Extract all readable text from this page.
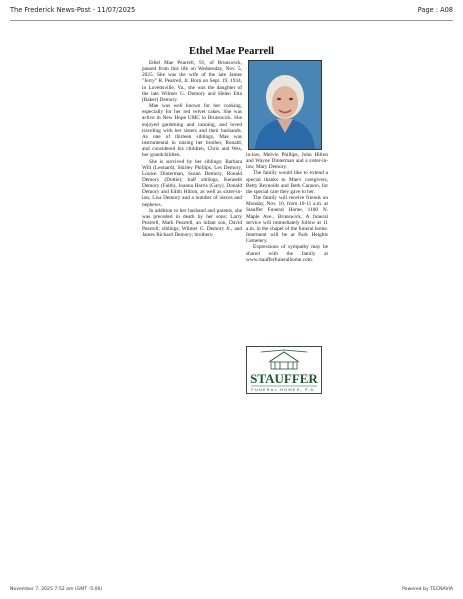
The Frederick News-Post - 11/07/2025	Page : A08
Ethel Mae Pearrell

Ethel Mae Pearrell, 91, of Brunswick, passed from this life on Wednesday, Nov. 5, 2025. She was the wife of the late James "Jerry" R. Pearrell, Jr. Born on Sept. 19, 1934, in Lovettsville, Va., she was the daughter of the late Wilmer G. Demory and Helen Etta (Baker) Demory.

Mae was well known for her cooking, especially for her red velvet cakes. She was active in New Hope UMC in Brunswick. She enjoyed gardening and canning, and loved traveling with her sisters and their husbands. As one of thirteen siblings, Mae was instrumental in raising her brother, Ronald, and considered his children, Chris and Wes, her grandchildren.

She is survived by her siblings: Barbara Wilt (Leonard), Shirley Phillips, Les Demory, Louise Dinterman, Susan Demory, Ronald Demory (Dottie); half siblings, Kenneth Demory (Faith), Joanna Harris (Gary), Donald Demory and Edith Hilton, as well as sister-in-law, Lisa Demory and a number of nieces and nephews.

In addition to her husband and parents, she was preceded in death by her sons; Larry Pearrell, Mark Pearrell, an infant son, David Pearrell; siblings; Wilmer G. Demory Jr., and James Richard Demory; brothers-

in-law, Melvin Phillips, John Hilton and Wayne Dinterman and a sister-in-law, Mary Demory.

The family would like to extend a special thanks to Mae's caregivers, Betty Reynolds and Beth Cannon, for the special care they gave to her.

The family will receive friends on Monday, Nov. 10, from 10-11 a.m. at Stauffer Funeral Home, 1100 N. Maple Ave., Brunswick. A funeral service will immediately follow at 11 a.m. in the chapel of the funeral home. Interment will be at Park Heights Cemetery.

Expressions of sympathy may be shared with the family at www.staufferfuneralhome.com.

STAUFFER
FUNERAL HOMES, P.A.
November 7, 2025 7:52 am (GMT -5:00)	Powered by TECNAVIA
